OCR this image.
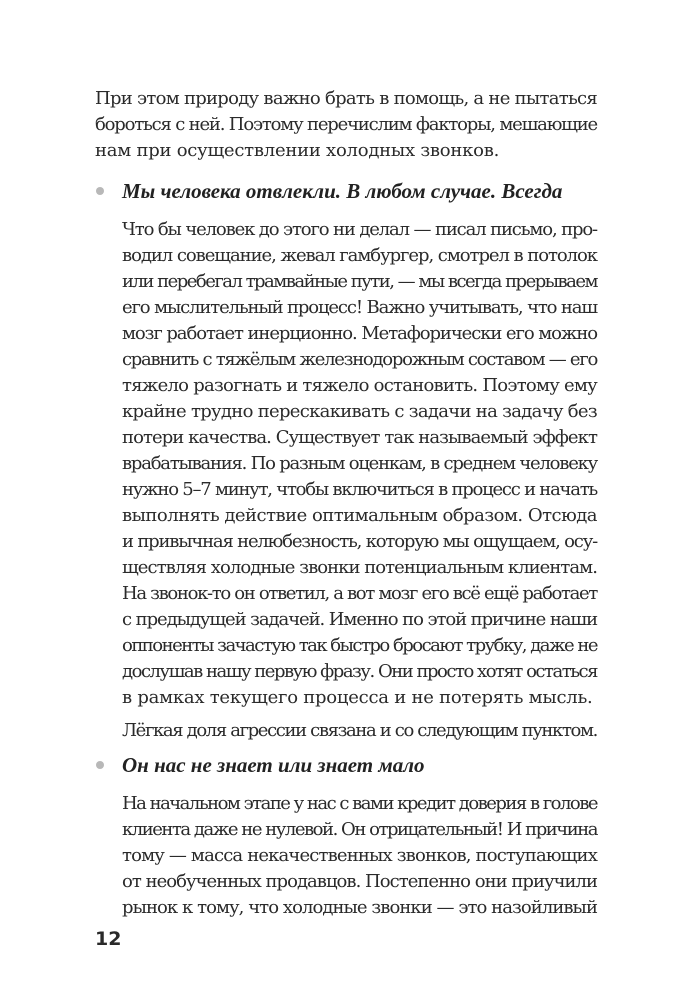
При этом природу важно брать в помощь, а не пытаться
бороться с ней. Поэтому перечислим факторы, мешающие
нам при осуществлении холодных звонков.
Мы человека отвлекли. В любом случае. Всегда
Что бы человек до этого ни делал — писал письмо, про-
водил совещание, жевал гамбургер, смотрел в потолок
или перебегал трамвайные пути, — мы всегда прерываем
его мыслительный процесс! Важно учитывать, что наш
мозг работает инерционно. Метафорически его можно
сравнить с тяжёлым железнодорожным составом — его
тяжело разогнать и тяжело остановить. Поэтому ему
крайне трудно перескакивать с задачи на задачу без
потери качества. Существует так называемый эффект
врабатывания. По разным оценкам, в среднем человеку
нужно 5–7 минут, чтобы включиться в процесс и начать
выполнять действие оптимальным образом. Отсюда
и привычная нелюбезность, которую мы ощущаем, осу-
ществляя холодные звонки потенциальным клиентам.
На звонок-то он ответил, а вот мозг его всё ещё работает
с предыдущей задачей. Именно по этой причине наши
оппоненты зачастую так быстро бросают трубку, даже не
дослушав нашу первую фразу. Они просто хотят остаться
в рамках текущего процесса и не потерять мысль.
Лёгкая доля агрессии связана и со следующим пунктом.
Он нас не знает или знает мало
На начальном этапе у нас с вами кредит доверия в голове
клиента даже не нулевой. Он отрицательный! И причина
тому — масса некачественных звонков, поступающих
от необученных продавцов. Постепенно они приучили
рынок к тому, что холодные звонки — это назойливый
12
